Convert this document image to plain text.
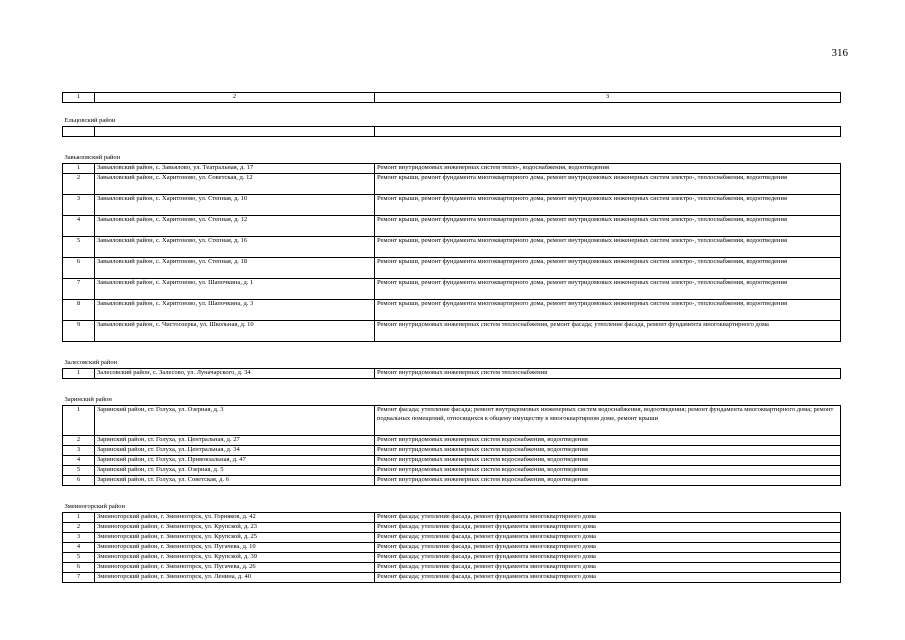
316
1	2	3
Ельцовский район		

Завьяловский район		
1	Завьяловский район, с. Завьялово, ул. Театральная, д. 17	Ремонт внутридомовых инженерных систем тепло-, водоснабжения, водоотведения
2	Завьяловский район, с. Харитоново, ул. Советская, д. 12	Ремонт крыши, ремонт фундамента многоквартирного дома, ремонт внутридомовых инженерных систем электро-, теплоснабжения, водоотведения
3	Завьяловский район, с. Харитоново, ул. Степная, д. 10	Ремонт крыши, ремонт фундамента многоквартирного дома, ремонт внутридомовых инженерных систем электро-, теплоснабжения, водоотведения
4	Завьяловский район, с. Харитоново, ул. Степная, д. 12	Ремонт крыши, ремонт фундамента многоквартирного дома, ремонт внутридомовых инженерных систем электро-, теплоснабжения, водоотведения
5	Завьяловский район, с. Харитоново, ул. Степная, д. 16	Ремонт крыши, ремонт фундамента многоквартирного дома, ремонт внутридомовых инженерных систем электро-, теплоснабжения, водоотведения
6	Завьяловский район, с. Харитоново, ул. Степная, д. 18	Ремонт крыши, ремонт фундамента многоквартирного дома, ремонт внутридомовых инженерных систем электро-, теплоснабжения, водоотведения
7	Завьяловский район, с. Харитоново, ул. Шапочкина, д. 1	Ремонт крыши, ремонт фундамента многоквартирного дома, ремонт внутридомовых инженерных систем электро-, теплоснабжения, водоотведения
8	Завьяловский район, с. Харитоново, ул. Шапочкина, д. 3	Ремонт крыши, ремонт фундамента многоквартирного дома, ремонт внутридомовых инженерных систем электро-, теплоснабжения, водоотведения
9	Завьяловский район, с. Чистоозерка, ул. Школьная, д. 10	Ремонт внутридомовых инженерных систем теплоснабжения, ремонт фасада; утепление фасада, ремонт фундамента многоквартирного дома
Залесовский район		
1	Залесовский район, с. Залесово, ул. Луначарского, д. 34	Ремонт внутридомовых инженерных систем теплоснабжения
Заринский район		
1	Заринский район, ст. Голуха, ул. Озерная, д. 3	Ремонт фасада; утепление фасада; ремонт внутридомовых инженерных систем водоснабжения, водоотведения; ремонт фундамента многоквартирного дома; ремонт подвальных помещений, относящихся к общему имуществу в многоквартирном доме, ремонт крыши
2	Заринский район, ст. Голуха, ул. Центральная, д. 27	Ремонт внутридомовых инженерных систем водоснабжения, водоотведения
3	Заринский район, ст. Голуха, ул. Центральная, д. 34	Ремонт внутридомовых инженерных систем водоснабжения, водоотведения
4	Заринский район, ст. Голуха, ул. Привокзальная, д. 47	Ремонт внутридомовых инженерных систем водоснабжения, водоотведения
5	Заринский район, ст. Голуха, ул. Озерная, д. 5	Ремонт внутридомовых инженерных систем водоснабжения, водоотведения
6	Заринский район, ст. Голуха, ул. Советская, д. 6	Ремонт внутридомовых инженерных систем водоснабжения, водоотведения
Змеиногорский район		
1	Змеиногорский район, г. Змеиногорск, ул. Горняков, д. 42	Ремонт фасада; утепление фасада, ремонт фундамента многоквартирного дома
2	Змеиногорский район, г. Змеиногорск, ул. Крупской, д. 23	Ремонт фасада; утепление фасада, ремонт фундамента многоквартирного дома
3	Змеиногорский район, г. Змеиногорск, ул. Крупской, д. 25	Ремонт фасада; утепление фасада, ремонт фундамента многоквартирного дома
4	Змеиногорский район, г. Змеиногорск, ул. Пугачева, д. 10	Ремонт фасада; утепление фасада, ремонт фундамента многоквартирного дома
5	Змеиногорский район, г. Змеиногорск, ул. Крупской, д. 39	Ремонт фасада; утепление фасада, ремонт фундамента многоквартирного дома
6	Змеиногорский район, г. Змеиногорск, ул. Пугачева, д. 26	Ремонт фасада; утепление фасада, ремонт фундамента многоквартирного дома
7	Змеиногорский район, г. Змеиногорск, ул. Ленина, д. 40	Ремонт фасада; утепление фасада, ремонт фундамента многоквартирного дома
